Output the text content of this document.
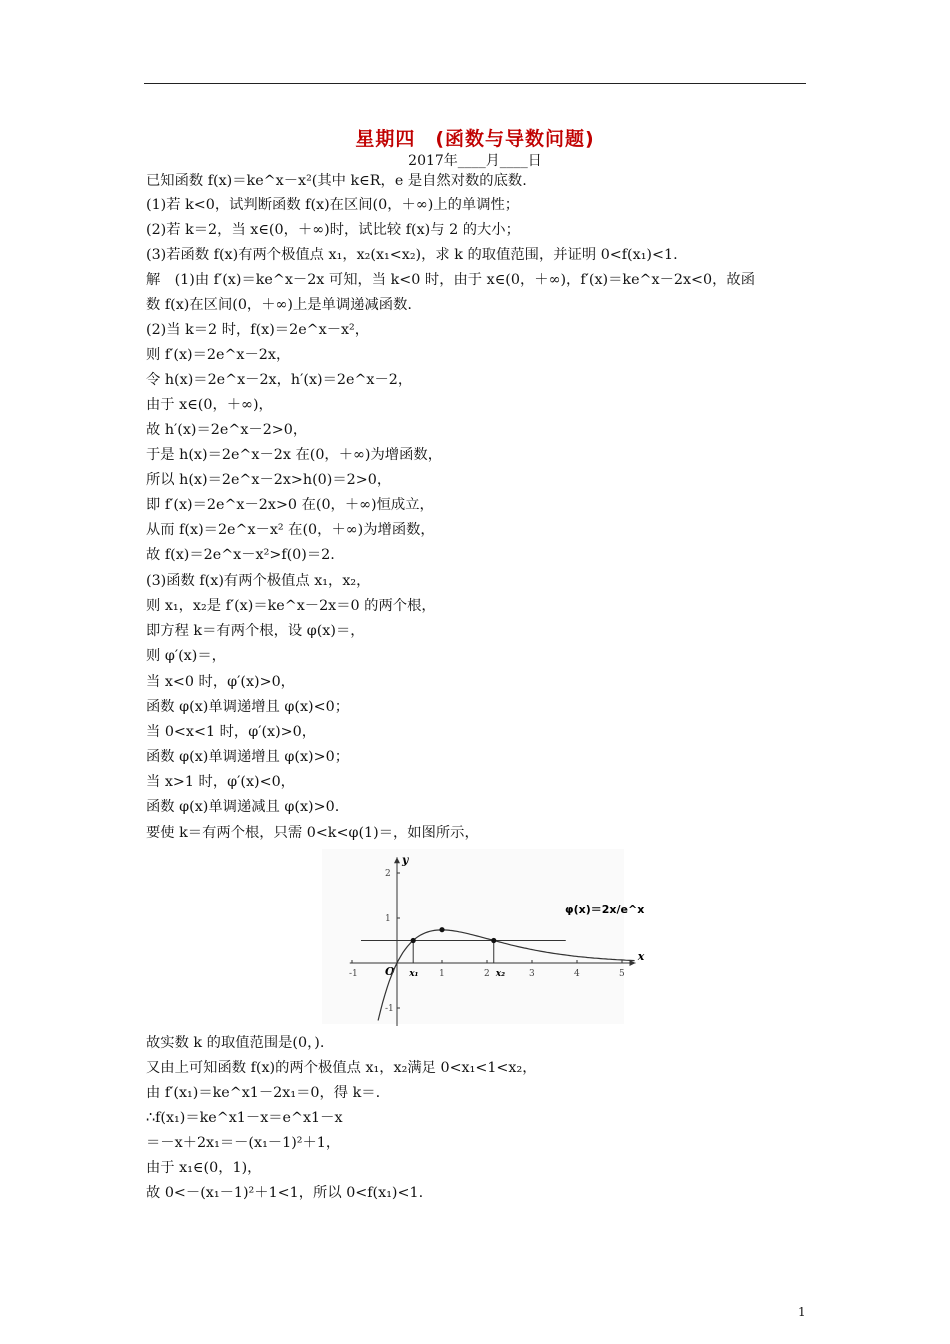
星期四　(函数与导数问题)
2017年____月____日
已知函数 f(x)＝ke^x－x²(其中 k∈R，e 是自然对数的底数.
(1)若 k<0，试判断函数 f(x)在区间(0，＋∞)上的单调性；
(2)若 k＝2，当 x∈(0，＋∞)时，试比较 f(x)与 2 的大小；
(3)若函数 f(x)有两个极值点 x₁，x₂(x₁<x₂)，求 k 的取值范围，并证明 0<f(x₁)<1.
解　(1)由 f′(x)＝ke^x－2x 可知，当 k<0 时，由于 x∈(0，＋∞)，f′(x)＝ke^x－2x<0，故函
数 f(x)在区间(0，＋∞)上是单调递减函数.
(2)当 k＝2 时，f(x)＝2e^x－x²，
则 f′(x)＝2e^x－2x，
令 h(x)＝2e^x－2x，h′(x)＝2e^x－2，
由于 x∈(0，＋∞)，
故 h′(x)＝2e^x－2>0，
于是 h(x)＝2e^x－2x 在(0，＋∞)为增函数，
所以 h(x)＝2e^x－2x>h(0)＝2>0，
即 f′(x)＝2e^x－2x>0 在(0，＋∞)恒成立，
从而 f(x)＝2e^x－x² 在(0，＋∞)为增函数，
故 f(x)＝2e^x－x²>f(0)＝2.
(3)函数 f(x)有两个极值点 x₁，x₂，
则 x₁，x₂是 f′(x)＝ke^x－2x＝0 的两个根，
即方程 k＝有两个根，设 φ(x)＝，
则 φ′(x)＝，
当 x<0 时，φ′(x)>0，
函数 φ(x)单调递增且 φ(x)<0；
当 0<x<1 时，φ′(x)>0，
函数 φ(x)单调递增且 φ(x)>0；
当 x>1 时，φ′(x)<0，
函数 φ(x)单调递减且 φ(x)>0.
要使 k＝有两个根，只需 0<k<φ(1)＝，如图所示，
故实数 k 的取值范围是(0，).
又由上可知函数 f(x)的两个极值点 x₁，x₂满足 0<x₁<1<x₂，
由 f′(x₁)＝ke^x1－2x₁＝0，得 k＝.
∴f(x₁)＝ke^x1－x＝e^x1－x
＝－x＋2x₁＝－(x₁－1)²＋1，
由于 x₁∈(0，1)，
故 0<－(x₁－1)²＋1<1，所以 0<f(x₁)<1.
x
y
O
-1	1	2	3	4	5
2
1
-1
x₁	x₂
φ(x)＝2x/e^x
1
